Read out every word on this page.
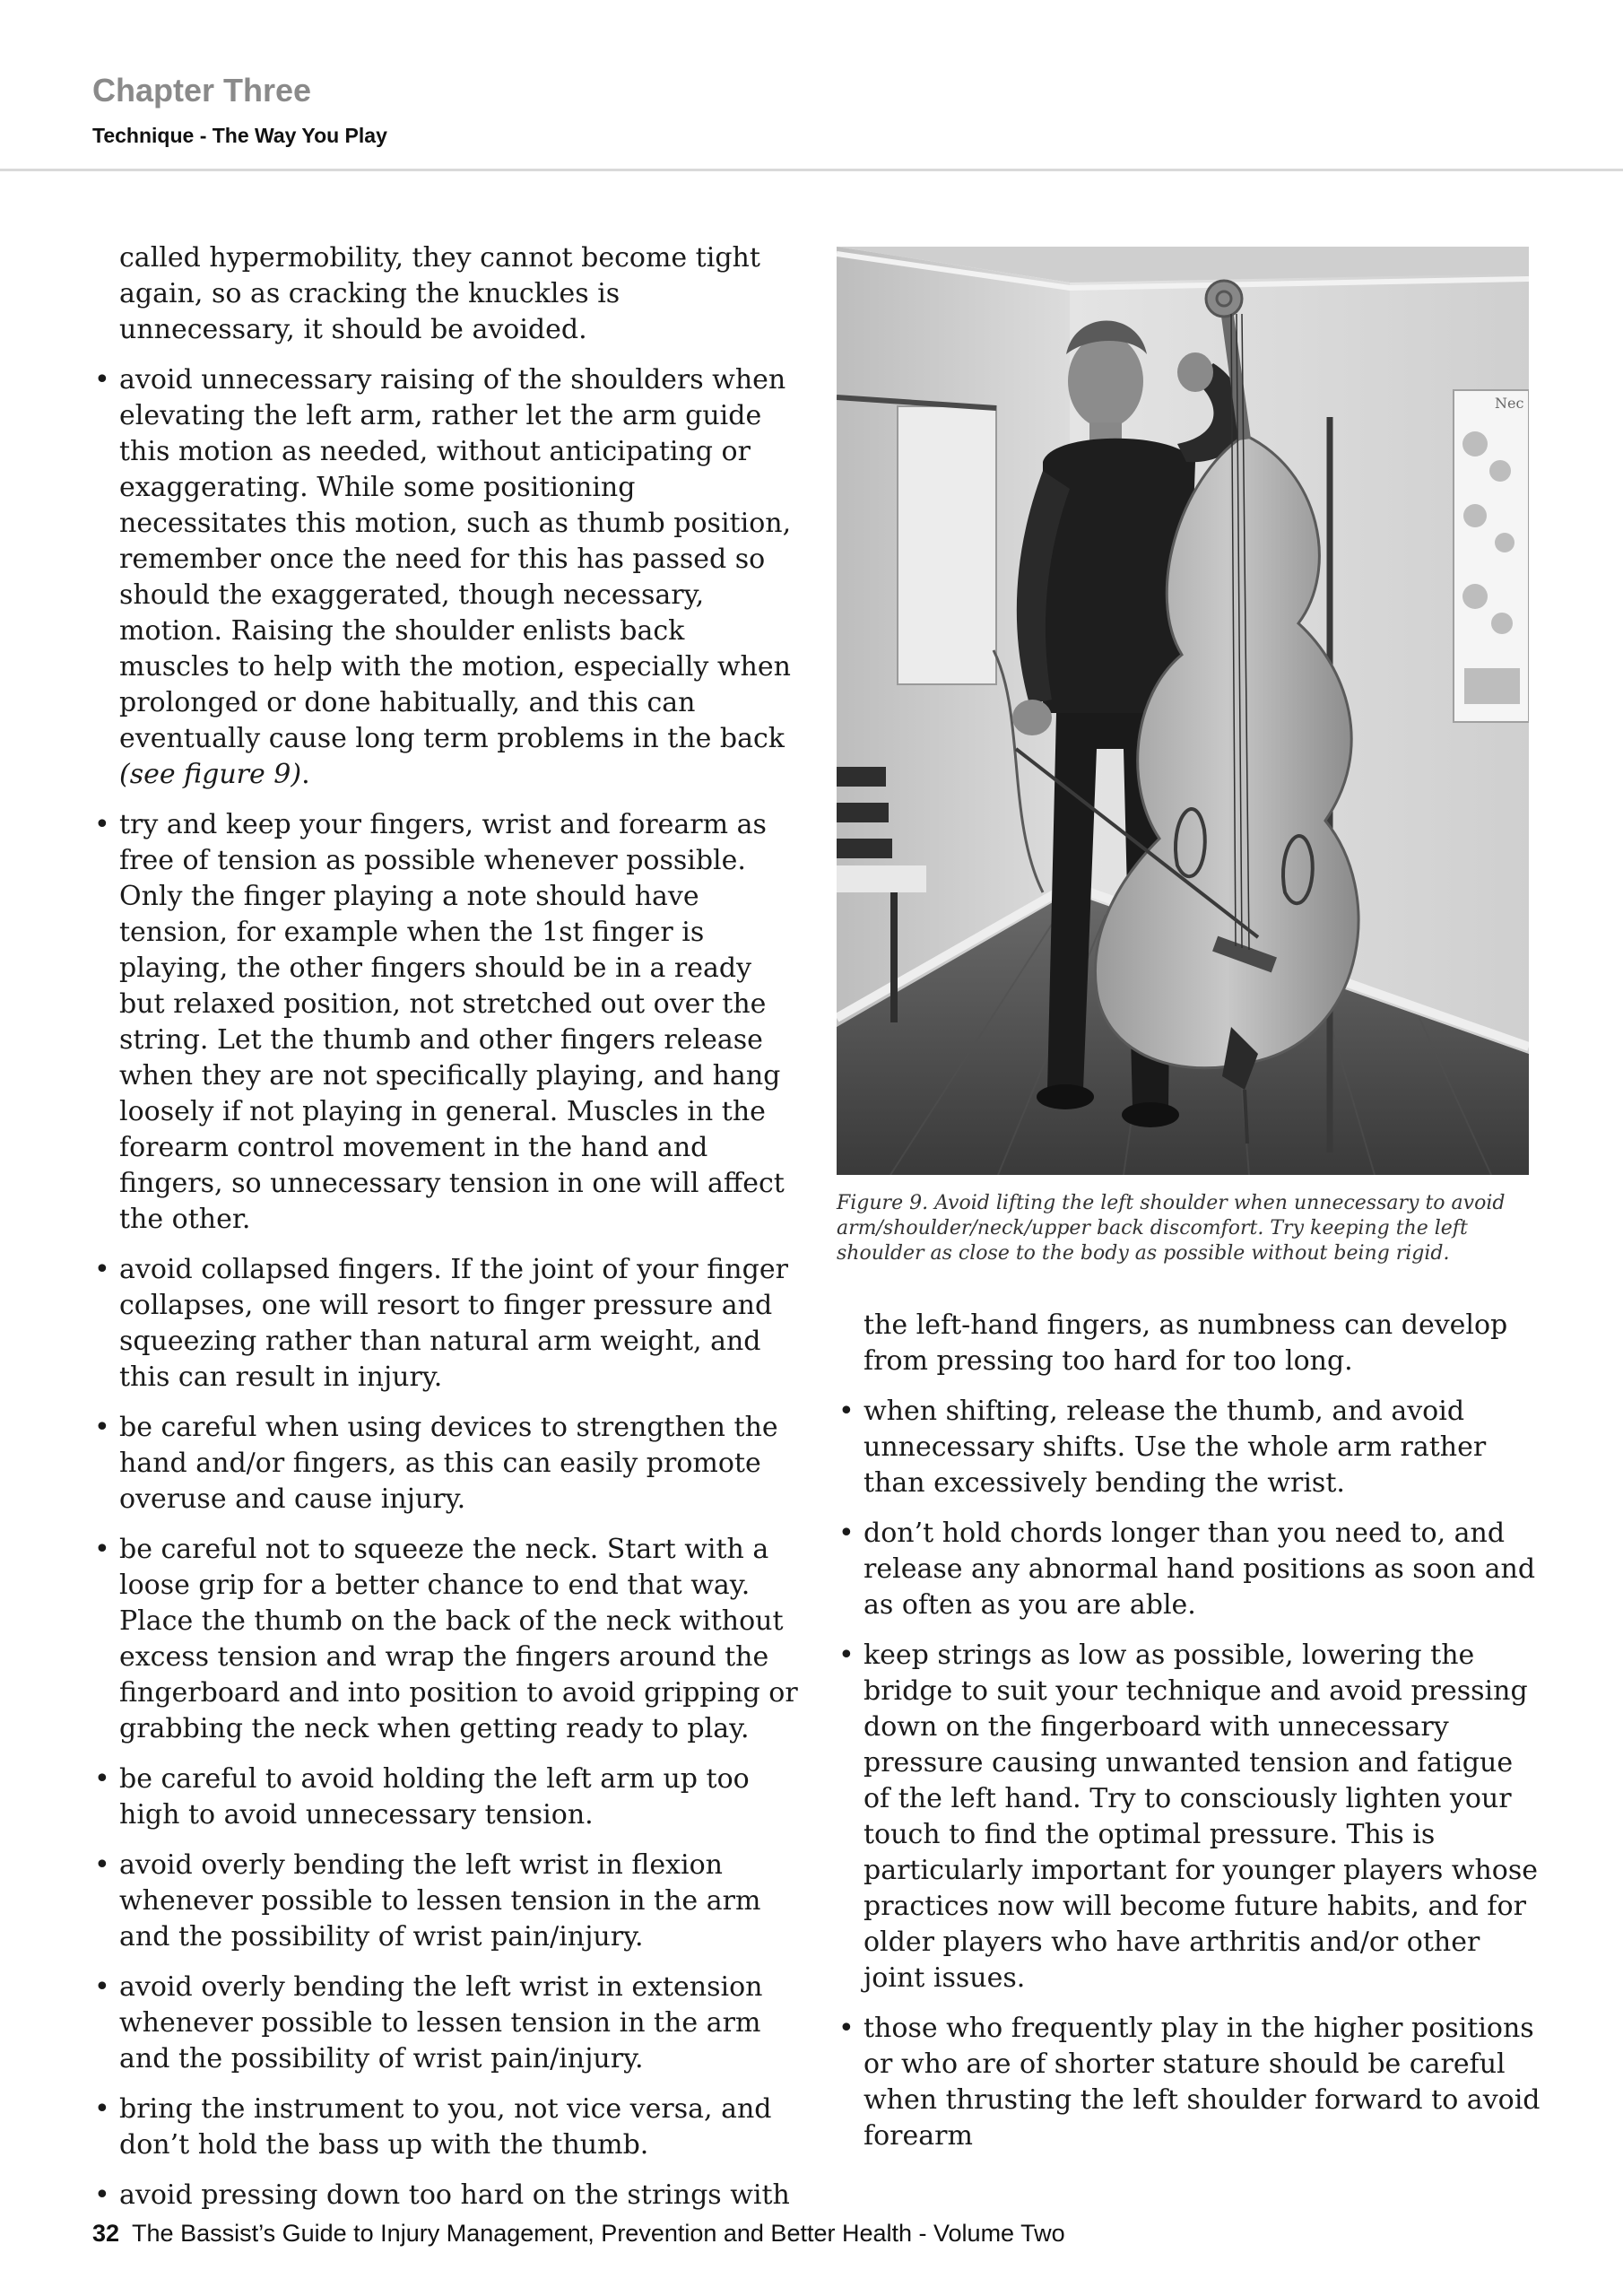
Chapter Three
Technique - The Way You Play

called hypermobility, they cannot become tight again, so as cracking the knuckles is unnecessary, it should be avoided.

• avoid unnecessary raising of the shoulders when elevating the left arm, rather let the arm guide this motion as needed, without anticipating or exaggerating. While some positioning necessitates this motion, such as thumb position, remember once the need for this has passed so should the exaggerated, though necessary, motion. Raising the shoulder enlists back muscles to help with the motion, especially when prolonged or done habitually, and this can eventually cause long term problems in the back (see figure 9).
• try and keep your fingers, wrist and forearm as free of tension as possible whenever possible. Only the finger playing a note should have tension, for example when the 1st finger is playing, the other fingers should be in a ready but relaxed position, not stretched out over the string. Let the thumb and other fingers release when they are not specifically playing, and hang loosely if not playing in general. Muscles in the forearm control movement in the hand and fingers, so unnecessary tension in one will affect the other.
• avoid collapsed fingers. If the joint of your finger collapses, one will resort to finger pressure and squeezing rather than natural arm weight, and this can result in injury.
• be careful when using devices to strengthen the hand and/or fingers, as this can easily promote overuse and cause injury.
• be careful not to squeeze the neck. Start with a loose grip for a better chance to end that way. Place the thumb on the back of the neck without excess tension and wrap the fingers around the fingerboard and into position to avoid gripping or grabbing the neck when getting ready to play.
• be careful to avoid holding the left arm up too high to avoid unnecessary tension.
• avoid overly bending the left wrist in flexion whenever possible to lessen tension in the arm and the possibility of wrist pain/injury.
• avoid overly bending the left wrist in extension whenever possible to lessen tension in the arm and the possibility of wrist pain/injury.
• bring the instrument to you, not vice versa, and don’t hold the bass up with the thumb.
• avoid pressing down too hard on the strings with
Nec
Figure 9. Avoid lifting the left shoulder when unnecessary to avoid arm/shoulder/neck/upper back discomfort. Try keeping the left shoulder as close to the body as possible without being rigid.

the left-hand fingers, as numbness can develop from pressing too hard for too long.

• when shifting, release the thumb, and avoid unnecessary shifts. Use the whole arm rather than excessively bending the wrist.
• don’t hold chords longer than you need to, and release any abnormal hand positions as soon and as often as you are able.
• keep strings as low as possible, lowering the bridge to suit your technique and avoid pressing down on the fingerboard with unnecessary pressure causing unwanted tension and fatigue of the left hand. Try to consciously lighten your touch to find the optimal pressure. This is particularly important for younger players whose practices now will become future habits, and for older players who have arthritis and/or other joint issues.
• those who frequently play in the higher positions or who are of shorter stature should be careful when thrusting the left shoulder forward to avoid forearm
32 The Bassist’s Guide to Injury Management, Prevention and Better Health - Volume Two
